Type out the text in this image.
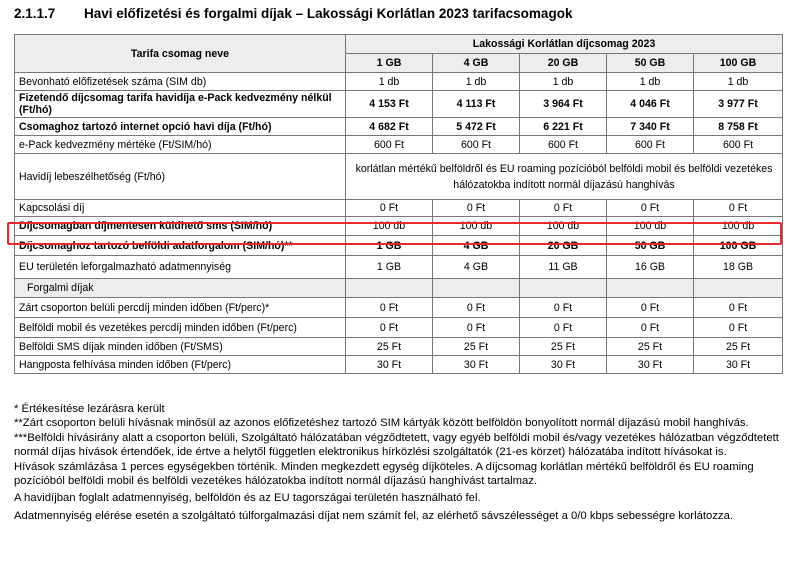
2.1.1.7 Havi előfizetési és forgalmi díjak – Lakossági Korlátlan 2023 tarifacsomagok
Tarifa csomag neve	Lakossági Korlátlan díjcsomag 2023				
	1 GB	4 GB	20 GB	50 GB	100 GB
Bevonható előfizetések száma (SIM db)	1 db	1 db	1 db	1 db	1 db
Fizetendő díjcsomag tarifa havidíja e-Pack kedvezmény nélkül (Ft/hó)	4 153 Ft	4 113 Ft	3 964 Ft	4 046 Ft	3 977 Ft
Csomaghoz tartozó internet opció havi díja (Ft/hó)	4 682 Ft	5 472 Ft	6 221 Ft	7 340 Ft	8 758 Ft
e-Pack kedvezmény mértéke (Ft/SIM/hó)	600 Ft	600 Ft	600 Ft	600 Ft	600 Ft
Havidíj lebeszélhetőség (Ft/hó)	korlátlan mértékű belföldről és EU roaming pozícióból belföldi mobil és belföldi vezetékes hálózatokba indított normál díjazású hanghívás				
Kapcsolási díj	0 Ft	0 Ft	0 Ft	0 Ft	0 Ft
Díjcsomagban díjmentesen küldhető sms (SIM/hó)	100 db	100 db	100 db	100 db	100 db
Díjcsomaghoz tartozó belföldi adatforgalom (SIM/hó)**	1 GB	4 GB	20 GB	50 GB	100 GB
EU területén leforgalmazható adatmennyiség	1 GB	4 GB	11 GB	16 GB	18 GB
Forgalmi díjak					
Zárt csoporton belüli percdíj minden időben (Ft/perc)*	0 Ft	0 Ft	0 Ft	0 Ft	0 Ft
Belföldi mobil és vezetékes percdíj minden időben (Ft/perc)	0 Ft	0 Ft	0 Ft	0 Ft	0 Ft
Belföldi SMS díjak minden időben (Ft/SMS)	25 Ft	25 Ft	25 Ft	25 Ft	25 Ft
Hangposta felhívása minden időben (Ft/perc)	30 Ft	30 Ft	30 Ft	30 Ft	30 Ft

* Értékesítése lezárásra került

**Zárt csoporton belüli hívásnak minősül az azonos előfizetéshez tartozó SIM kártyák között belföldön bonyolított normál díjazású mobil hanghívás.

***Belföldi hívásirány alatt a csoporton belüli, Szolgáltató hálózatában végződtetett, vagy egyéb belföldi mobil és/vagy vezetékes hálózatban végződtetett normál díjas hívások értendőek, ide értve a helytől független elektronikus hírközlési szolgáltatók (21-es körzet) hálózatába indított hívásokat is.

Hívások számlázása 1 perces egységekben történik. Minden megkezdett egység díjköteles. A díjcsomag korlátlan mértékű belföldről és EU roaming pozícióból belföldi mobil és belföldi vezetékes hálózatokba indított normál díjazású hanghívást tartalmaz.

A havidíjban foglalt adatmennyiség, belföldön és az EU tagországai területén használható fel.

Adatmennyiség elérése esetén a szolgáltató túlforgalmazási díjat nem számít fel, az elérhető sávszélességet a 0/0 kbps sebességre korlátozza.
